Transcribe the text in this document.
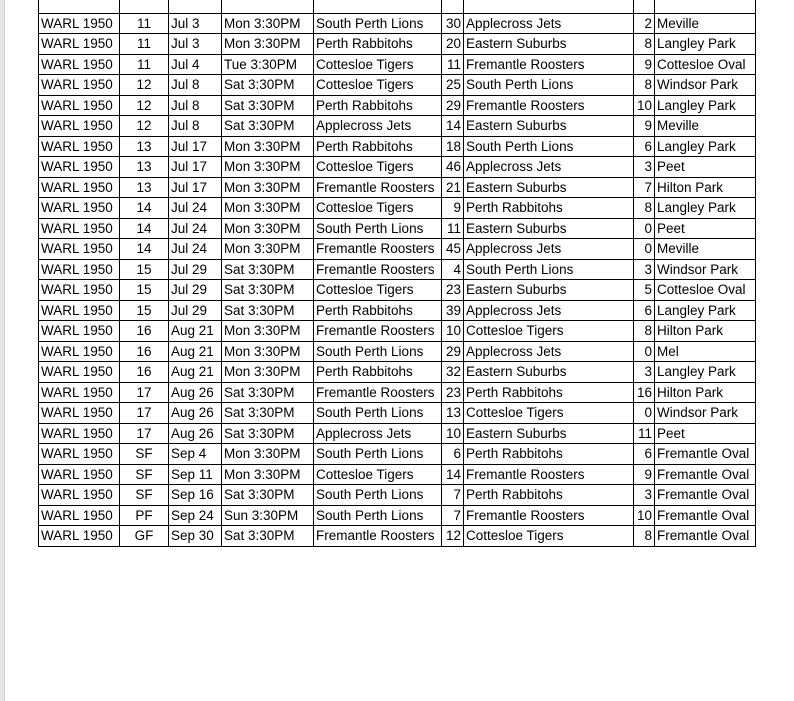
WARL 1950	11	Jul 3	Mon 3:30PM	South Perth Lions	30	Applecross Jets	2	Meville
WARL 1950	11	Jul 3	Mon 3:30PM	Perth Rabbitohs	20	Eastern Suburbs	8	Langley Park
WARL 1950	11	Jul 4	Tue 3:30PM	Cottesloe Tigers	11	Fremantle Roosters	9	Cottesloe Oval
WARL 1950	12	Jul 8	Sat 3:30PM	Cottesloe Tigers	25	South Perth Lions	8	Windsor Park
WARL 1950	12	Jul 8	Sat 3:30PM	Perth Rabbitohs	29	Fremantle Roosters	10	Langley Park
WARL 1950	12	Jul 8	Sat 3:30PM	Applecross Jets	14	Eastern Suburbs	9	Meville
WARL 1950	13	Jul 17	Mon 3:30PM	Perth Rabbitohs	18	South Perth Lions	6	Langley Park
WARL 1950	13	Jul 17	Mon 3:30PM	Cottesloe Tigers	46	Applecross Jets	3	Peet
WARL 1950	13	Jul 17	Mon 3:30PM	Fremantle Roosters	21	Eastern Suburbs	7	Hilton Park
WARL 1950	14	Jul 24	Mon 3:30PM	Cottesloe Tigers	9	Perth Rabbitohs	8	Langley Park
WARL 1950	14	Jul 24	Mon 3:30PM	South Perth Lions	11	Eastern Suburbs	0	Peet
WARL 1950	14	Jul 24	Mon 3:30PM	Fremantle Roosters	45	Applecross Jets	0	Meville
WARL 1950	15	Jul 29	Sat 3:30PM	Fremantle Roosters	4	South Perth Lions	3	Windsor Park
WARL 1950	15	Jul 29	Sat 3:30PM	Cottesloe Tigers	23	Eastern Suburbs	5	Cottesloe Oval
WARL 1950	15	Jul 29	Sat 3:30PM	Perth Rabbitohs	39	Applecross Jets	6	Langley Park
WARL 1950	16	Aug 21	Mon 3:30PM	Fremantle Roosters	10	Cottesloe Tigers	8	Hilton Park
WARL 1950	16	Aug 21	Mon 3:30PM	South Perth Lions	29	Applecross Jets	0	Mel
WARL 1950	16	Aug 21	Mon 3:30PM	Perth Rabbitohs	32	Eastern Suburbs	3	Langley Park
WARL 1950	17	Aug 26	Sat 3:30PM	Fremantle Roosters	23	Perth Rabbitohs	16	Hilton Park
WARL 1950	17	Aug 26	Sat 3:30PM	South Perth Lions	13	Cottesloe Tigers	0	Windsor Park
WARL 1950	17	Aug 26	Sat 3:30PM	Applecross Jets	10	Eastern Suburbs	11	Peet
WARL 1950	SF	Sep 4	Mon 3:30PM	South Perth Lions	6	Perth Rabbitohs	6	Fremantle Oval
WARL 1950	SF	Sep 11	Mon 3:30PM	Cottesloe Tigers	14	Fremantle Roosters	9	Fremantle Oval
WARL 1950	SF	Sep 16	Sat 3:30PM	South Perth Lions	7	Perth Rabbitohs	3	Fremantle Oval
WARL 1950	PF	Sep 24	Sun 3:30PM	South Perth Lions	7	Fremantle Roosters	10	Fremantle Oval
WARL 1950	GF	Sep 30	Sat 3:30PM	Fremantle Roosters	12	Cottesloe Tigers	8	Fremantle Oval
